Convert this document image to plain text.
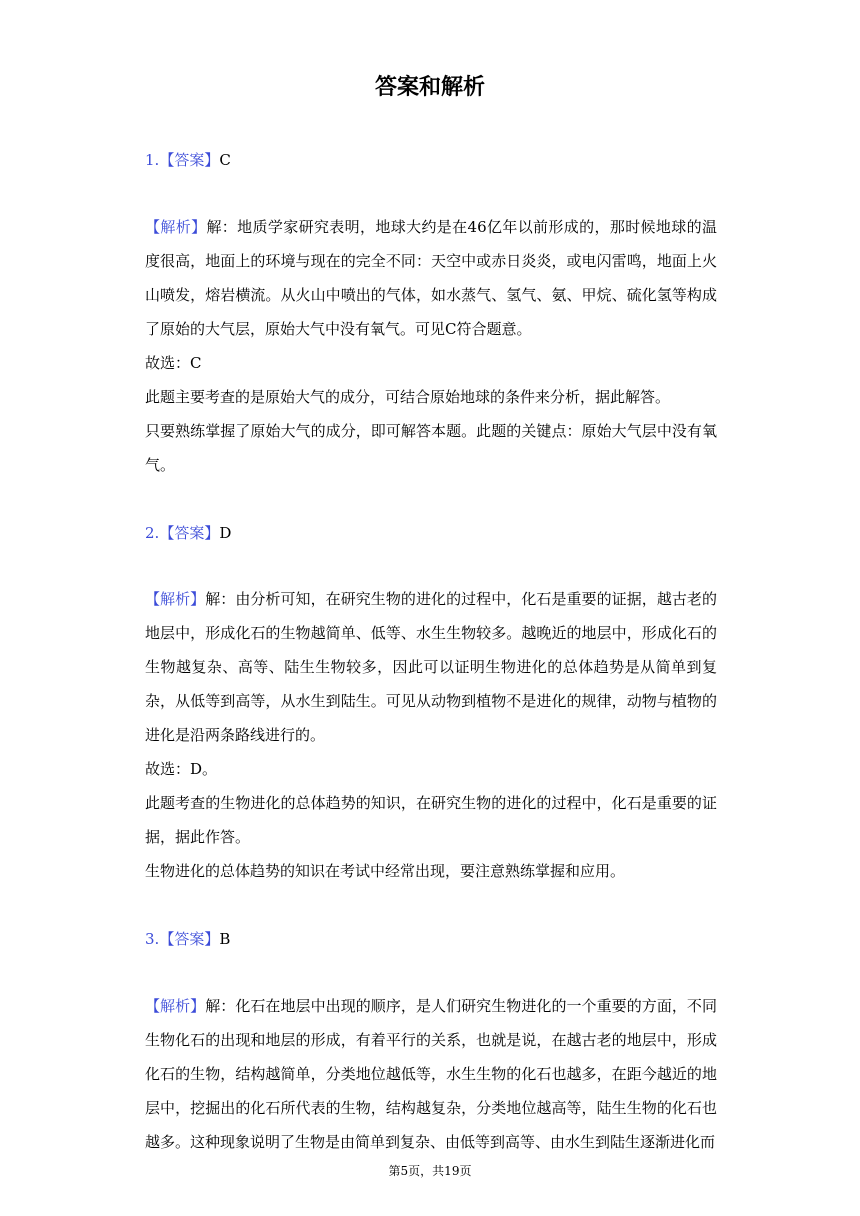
答案和解析
1.【答案】C

【解析】解：地质学家研究表明，地球大约是在46亿年以前形成的，那时候地球的温度很高，地面上的环境与现在的完全不同：天空中或赤日炎炎，或电闪雷鸣，地面上火山喷发，熔岩横流。从火山中喷出的气体，如水蒸气、氢气、氨、甲烷、硫化氢等构成了原始的大气层，原始大气中没有氧气。可见C符合题意。

故选：C

此题主要考查的是原始大气的成分，可结合原始地球的条件来分析，据此解答。

只要熟练掌握了原始大气的成分，即可解答本题。此题的关键点：原始大气层中没有氧气。

2.【答案】D

【解析】解：由分析可知，在研究生物的进化的过程中，化石是重要的证据，越古老的地层中，形成化石的生物越简单、低等、水生生物较多。越晚近的地层中，形成化石的生物越复杂、高等、陆生生物较多，因此可以证明生物进化的总体趋势是从简单到复杂，从低等到高等，从水生到陆生。可见从动物到植物不是进化的规律，动物与植物的进化是沿两条路线进行的。

故选：D。

此题考查的生物进化的总体趋势的知识，在研究生物的进化的过程中，化石是重要的证据，据此作答。

生物进化的总体趋势的知识在考试中经常出现，要注意熟练掌握和应用。

3.【答案】B

【解析】解：化石在地层中出现的顺序，是人们研究生物进化的一个重要的方面，不同生物化石的出现和地层的形成，有着平行的关系，也就是说，在越古老的地层中，形成化石的生物，结构越简单，分类地位越低等，水生生物的化石也越多，在距今越近的地层中，挖掘出的化石所代表的生物，结构越复杂，分类地位越高等，陆生生物的化石也越多。这种现象说明了生物是由简单到复杂、由低等到高等、由水生到陆生逐渐进化而

第5页，共19页
